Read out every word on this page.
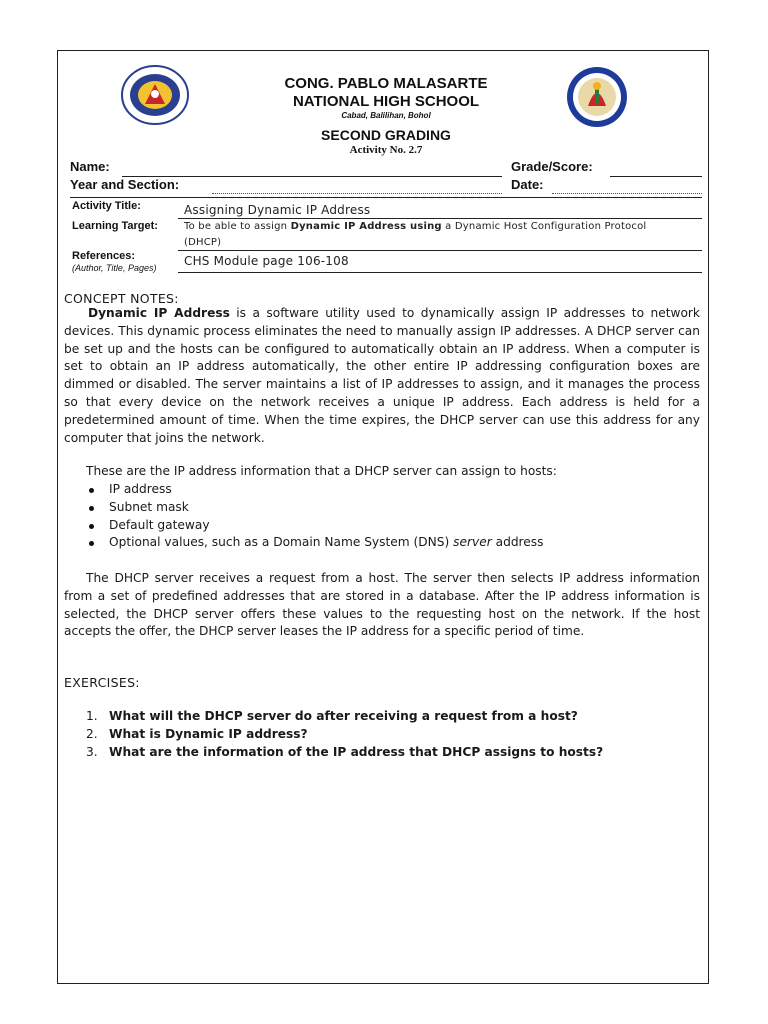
CONG. PABLO MALASARTE
NATIONAL HIGH SCHOOL
Cabad, Balilihan, Bohol
SECOND GRADING
Activity No. 2.7
Name:
Year and Section:
Grade/Score:
Date:
Activity Title:	Assigning Dynamic IP Address
Learning Target:	To be able to assign Dynamic IP Address using a Dynamic Host Configuration Protocol
(DHCP)
References:
(Author, Title, Pages) CHS Module page 106-108
CONCEPT NOTES:
Dynamic IP Address is a software utility used to dynamically assign IP addresses to network devices. This dynamic process eliminates the need to manually assign IP addresses. A DHCP server can be set up and the hosts can be configured to automatically obtain an IP address. When a computer is set to obtain an IP address automatically, the other entire IP addressing configuration boxes are dimmed or disabled. The server maintains a list of IP addresses to assign, and it manages the process so that every device on the network receives a unique IP address. Each address is held for a predetermined amount of time. When the time expires, the DHCP server can use this address for any computer that joins the network.
These are the IP address information that a DHCP server can assign to hosts:
IP address
Subnet mask
Default gateway
Optional values, such as a Domain Name System (DNS) server address
The DHCP server receives a request from a host. The server then selects IP address information from a set of predefined addresses that are stored in a database. After the IP address information is selected, the DHCP server offers these values to the requesting host on the network. If the host accepts the offer, the DHCP server leases the IP address for a specific period of time.
EXERCISES:
1. What will the DHCP server do after receiving a request from a host?
2. What is Dynamic IP address?
3. What are the information of the IP address that DHCP assigns to hosts?
